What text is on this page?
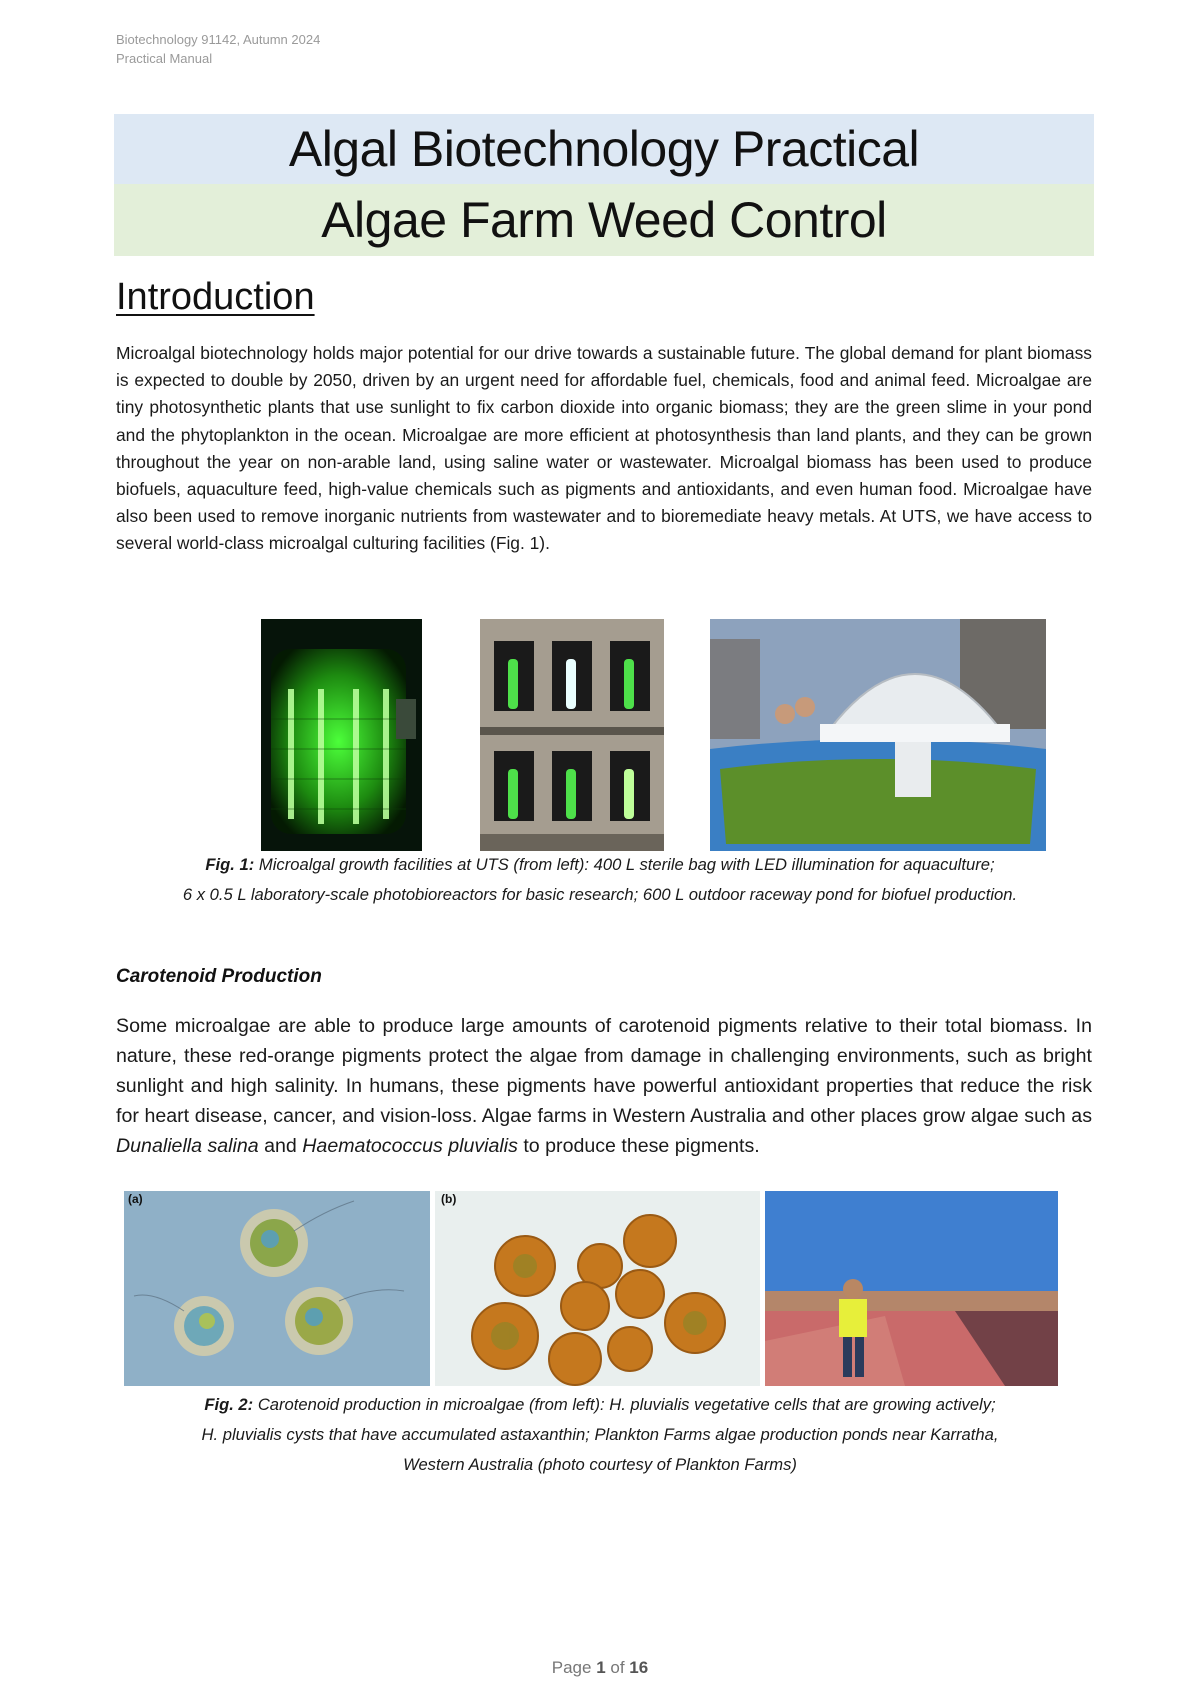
Biotechnology 91142, Autumn 2024
Practical Manual
Algal Biotechnology Practical
Algae Farm Weed Control
Introduction
Microalgal biotechnology holds major potential for our drive towards a sustainable future. The global demand for plant biomass is expected to double by 2050, driven by an urgent need for affordable fuel, chemicals, food and animal feed. Microalgae are tiny photosynthetic plants that use sunlight to fix carbon dioxide into organic biomass; they are the green slime in your pond and the phytoplankton in the ocean. Microalgae are more efficient at photosynthesis than land plants, and they can be grown throughout the year on non-arable land, using saline water or wastewater. Microalgal biomass has been used to produce biofuels, aquaculture feed, high-value chemicals such as pigments and antioxidants, and even human food. Microalgae have also been used to remove inorganic nutrients from wastewater and to bioremediate heavy metals. At UTS, we have access to several world-class microalgal culturing facilities (Fig. 1).
Fig. 1: Microalgal growth facilities at UTS (from left): 400 L sterile bag with LED illumination for aquaculture;
6 x 0.5 L laboratory-scale photobioreactors for basic research; 600 L outdoor raceway pond for biofuel production.
Carotenoid Production
Some microalgae are able to produce large amounts of carotenoid pigments relative to their total biomass. In nature, these red-orange pigments protect the algae from damage in challenging environments, such as bright sunlight and high salinity. In humans, these pigments have powerful antioxidant properties that reduce the risk for heart disease, cancer, and vision-loss. Algae farms in Western Australia and other places grow algae such as Dunaliella salina and Haematococcus pluvialis to produce these pigments.
(a)	(b)
Fig. 2: Carotenoid production in microalgae (from left): H. pluvialis vegetative cells that are growing actively;
H. pluvialis cysts that have accumulated astaxanthin; Plankton Farms algae production ponds near Karratha,
Western Australia (photo courtesy of Plankton Farms)
Page 1 of 16
